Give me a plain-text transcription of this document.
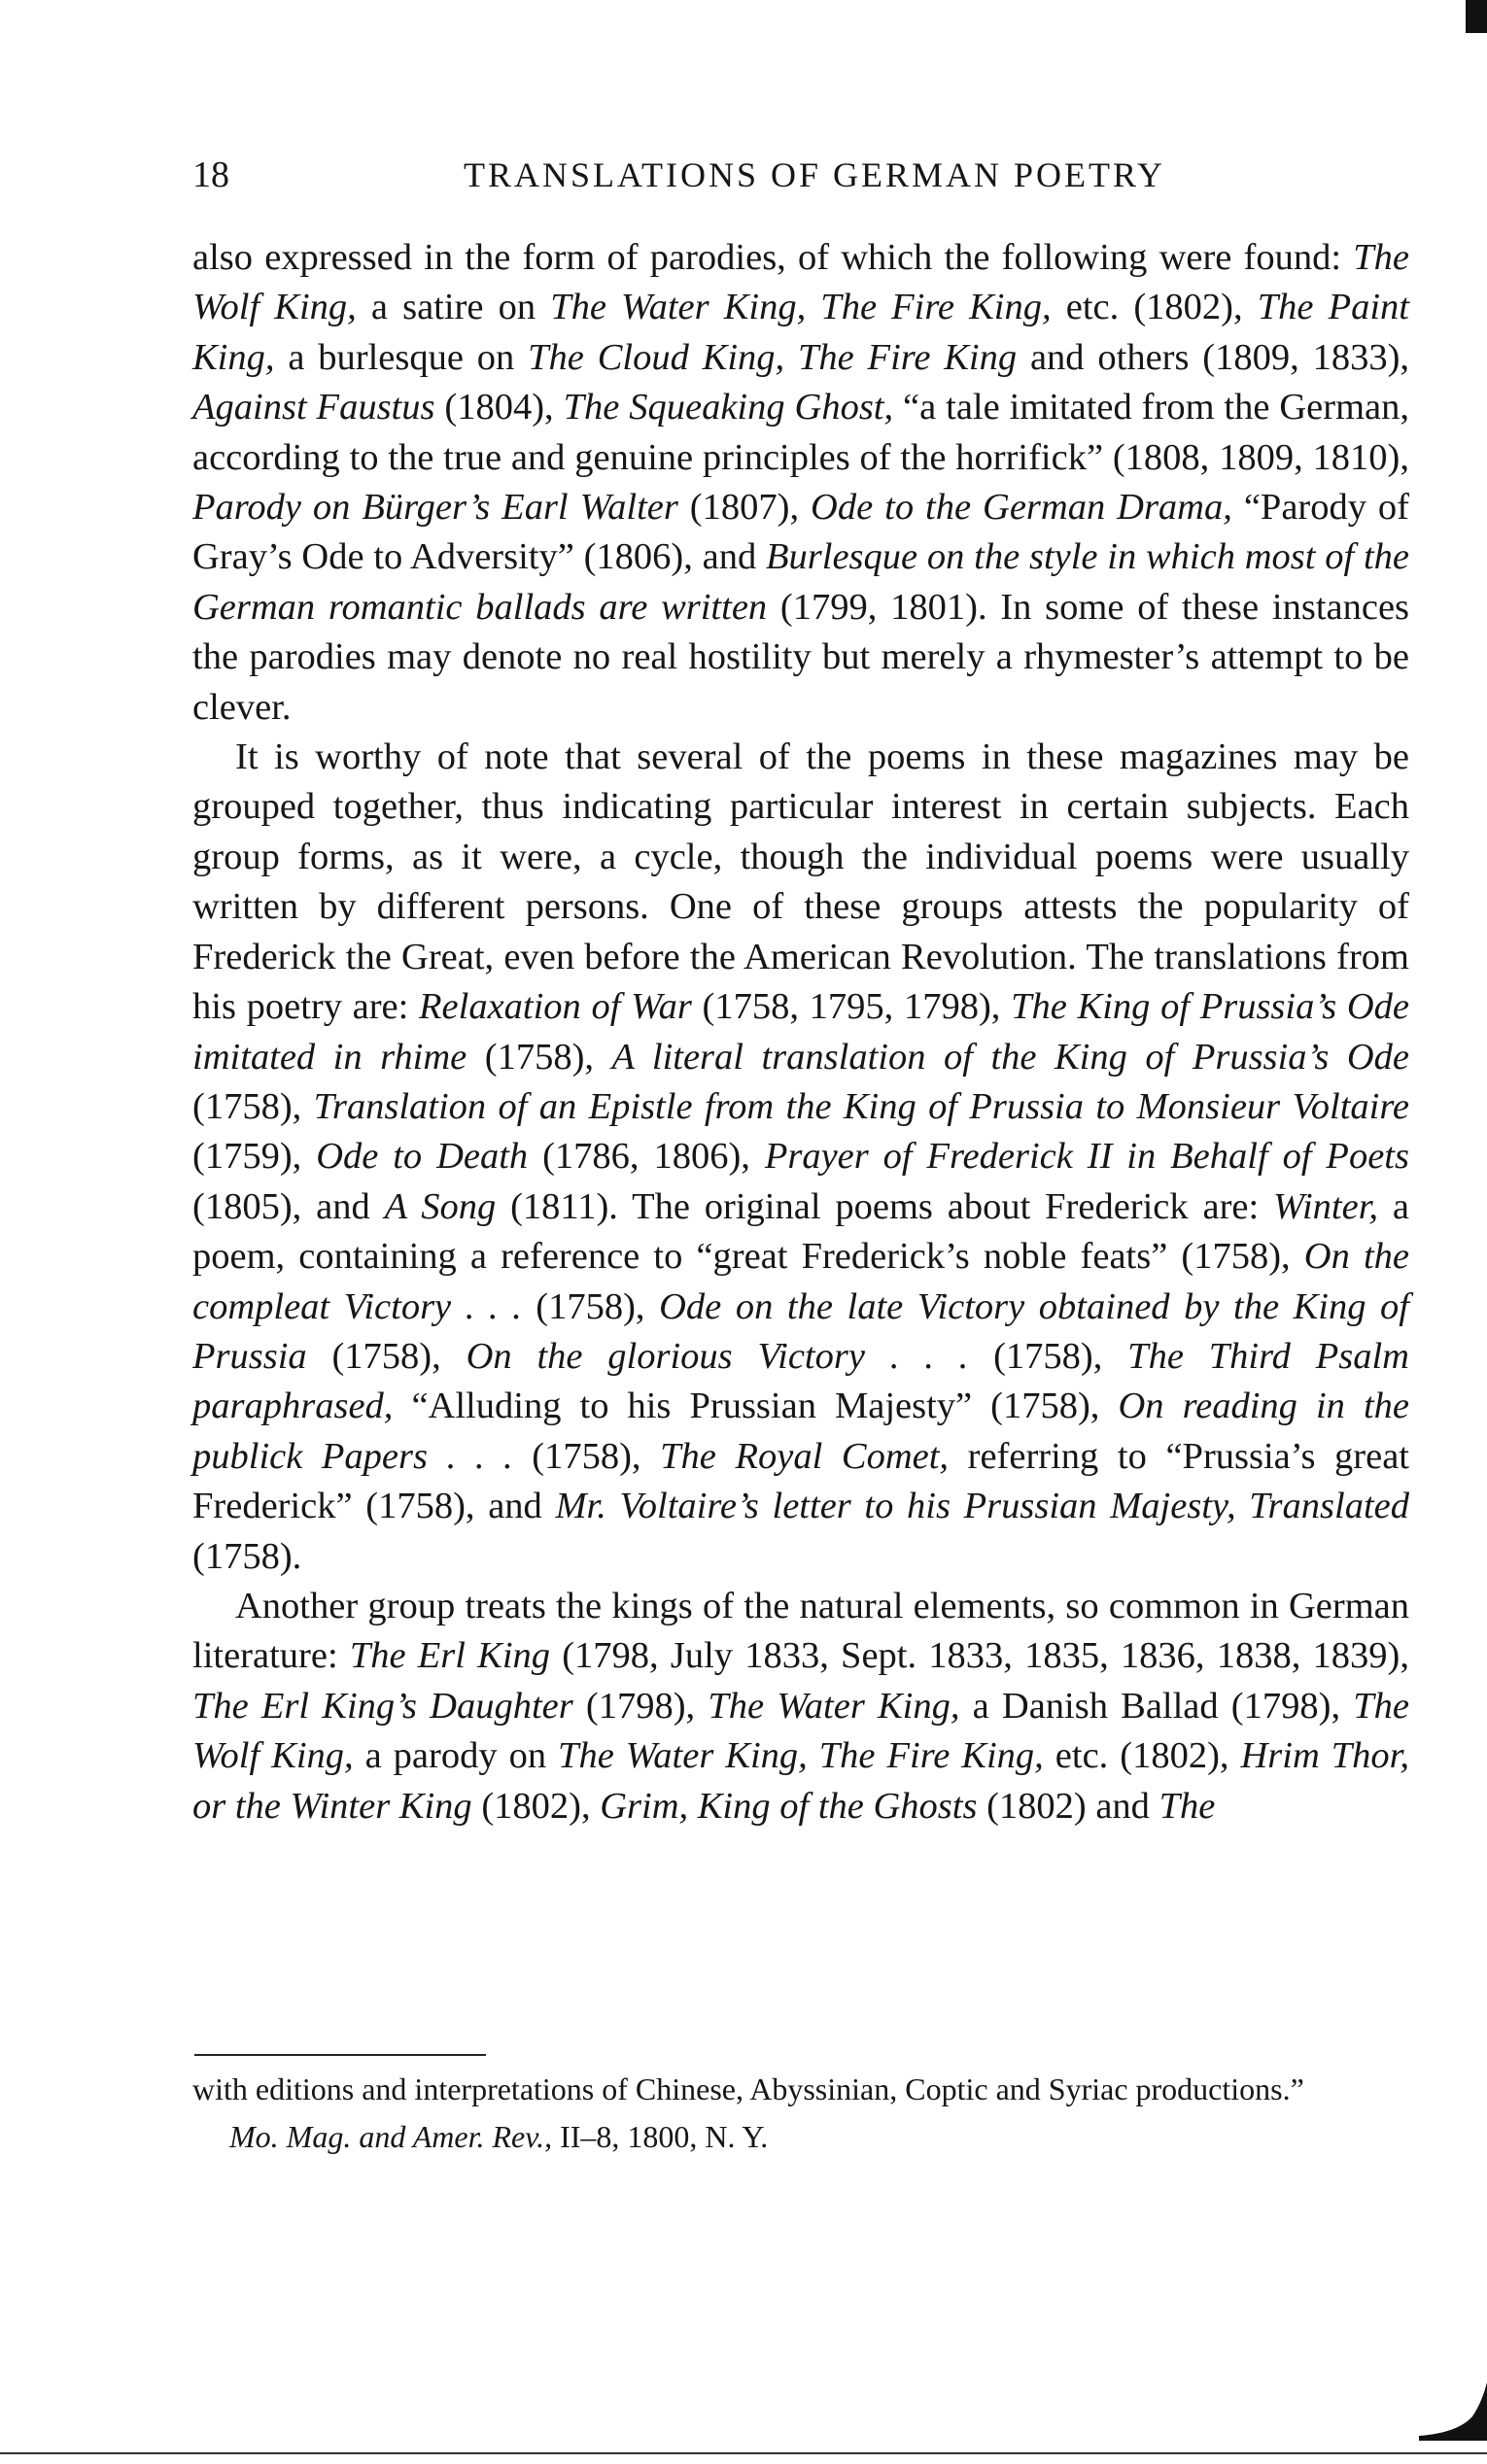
18	TRANSLATIONS OF GERMAN POETRY

also expressed in the form of parodies, of which the following were found: The Wolf King, a satire on The Water King, The Fire King, etc. (1802), The Paint King, a burlesque on The Cloud King, The Fire King and others (1809, 1833), Against Faustus (1804), The Squeaking Ghost, “a tale imitated from the German, according to the true and genuine principles of the horrifick” (1808, 1809, 1810), Parody on Bürger’s Earl Walter (1807), Ode to the German Drama, “Parody of Gray’s Ode to Adversity” (1806), and Burlesque on the style in which most of the German romantic ballads are written (1799, 1801). In some of these instances the parodies may denote no real hostility but merely a rhymester’s attempt to be clever.

It is worthy of note that several of the poems in these magazines may be grouped together, thus indicating particular interest in certain subjects. Each group forms, as it were, a cycle, though the individual poems were usually written by different persons. One of these groups attests the popularity of Frederick the Great, even before the American Revolution. The translations from his poetry are: Relaxation of War (1758, 1795, 1798), The King of Prussia’s Ode imitated in rhime (1758), A literal translation of the King of Prussia’s Ode (1758), Translation of an Epistle from the King of Prussia to Monsieur Voltaire (1759), Ode to Death (1786, 1806), Prayer of Frederick II in Behalf of Poets (1805), and A Song (1811). The original poems about Frederick are: Winter, a poem, containing a reference to “great Frederick’s noble feats” (1758), On the compleat Victory . . . (1758), Ode on the late Victory obtained by the King of Prussia (1758), On the glorious Victory . . . (1758), The Third Psalm paraphrased, “Alluding to his Prussian Majesty” (1758), On reading in the publick Papers . . . (1758), The Royal Comet, referring to “Prussia’s great Frederick” (1758), and Mr. Voltaire’s letter to his Prussian Majesty, Translated (1758).

Another group treats the kings of the natural elements, so common in German literature: The Erl King (1798, July 1833, Sept. 1833, 1835, 1836, 1838, 1839), The Erl King’s Daughter (1798), The Water King, a Danish Ballad (1798), The Wolf King, a parody on The Water King, The Fire King, etc. (1802), Hrim Thor, or the Winter King (1802), Grim, King of the Ghosts (1802) and The

with editions and interpretations of Chinese, Abyssinian, Coptic and Syriac productions.”

Mo. Mag. and Amer. Rev., II–8, 1800, N. Y.
